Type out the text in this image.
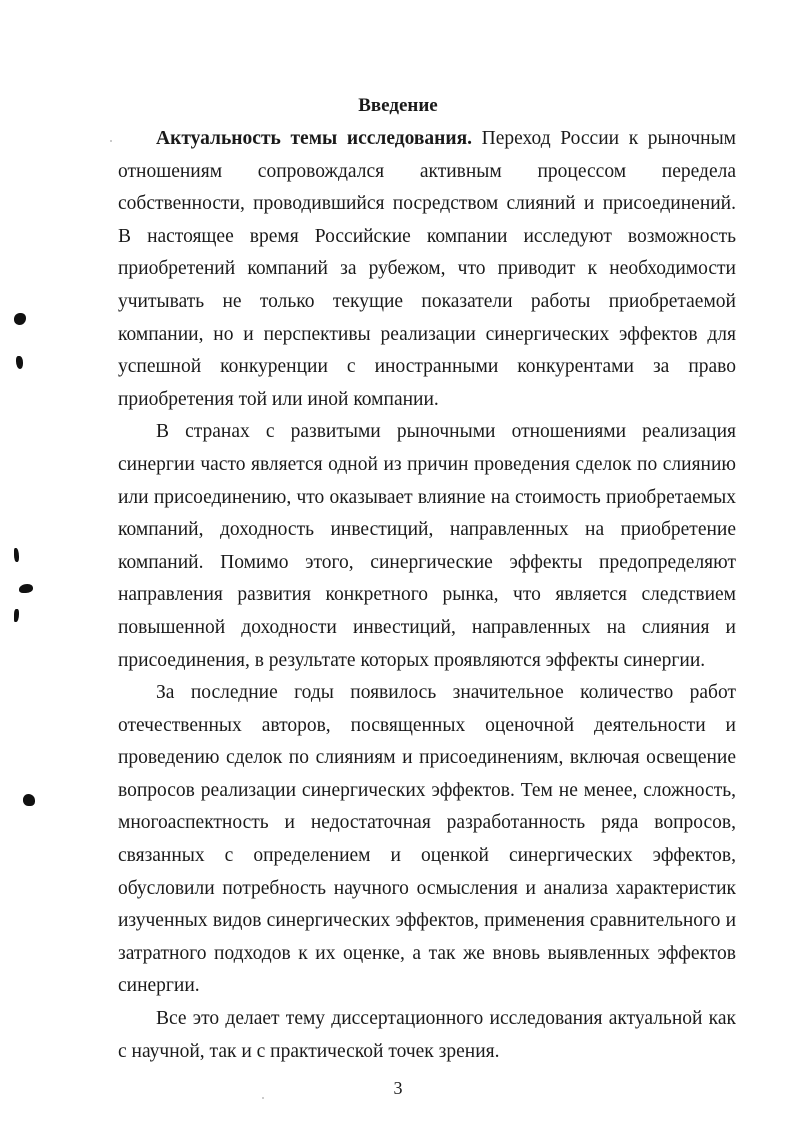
Введение

Актуальность темы исследования. Переход России к рыночным отношениям сопровождался активным процессом передела собственности, проводившийся посредством слияний и присоединений. В настоящее время Российские компании исследуют возможность приобретений компаний за рубежом, что приводит к необходимости учитывать не только текущие показатели работы приобретаемой компании, но и перспективы реализации синергических эффектов для успешной конкуренции с иностранными конкурентами за право приобретения той или иной компании.

В странах с развитыми рыночными отношениями реализация синергии часто является одной из причин проведения сделок по слиянию или присоединению, что оказывает влияние на стоимость приобретаемых компаний, доходность инвестиций, направленных на приобретение компаний. Помимо этого, синергические эффекты предопределяют направления развития конкретного рынка, что является следствием повышенной доходности инвестиций, направленных на слияния и присоединения, в результате которых проявляются эффекты синергии.

За последние годы появилось значительное количество работ отечественных авторов, посвященных оценочной деятельности и проведению сделок по слияниям и присоединениям, включая освещение вопросов реализации синергических эффектов. Тем не менее, сложность, многоаспектность и недостаточная разработанность ряда вопросов, связанных с определением и оценкой синергических эффектов, обусловили потребность научного осмысления и анализа характеристик изученных видов синергических эффектов, применения сравнительного и затратного подходов к их оценке, а так же вновь выявленных эффектов синергии.

Все это делает тему диссертационного исследования актуальной как с научной, так и с практической точек зрения.

3
